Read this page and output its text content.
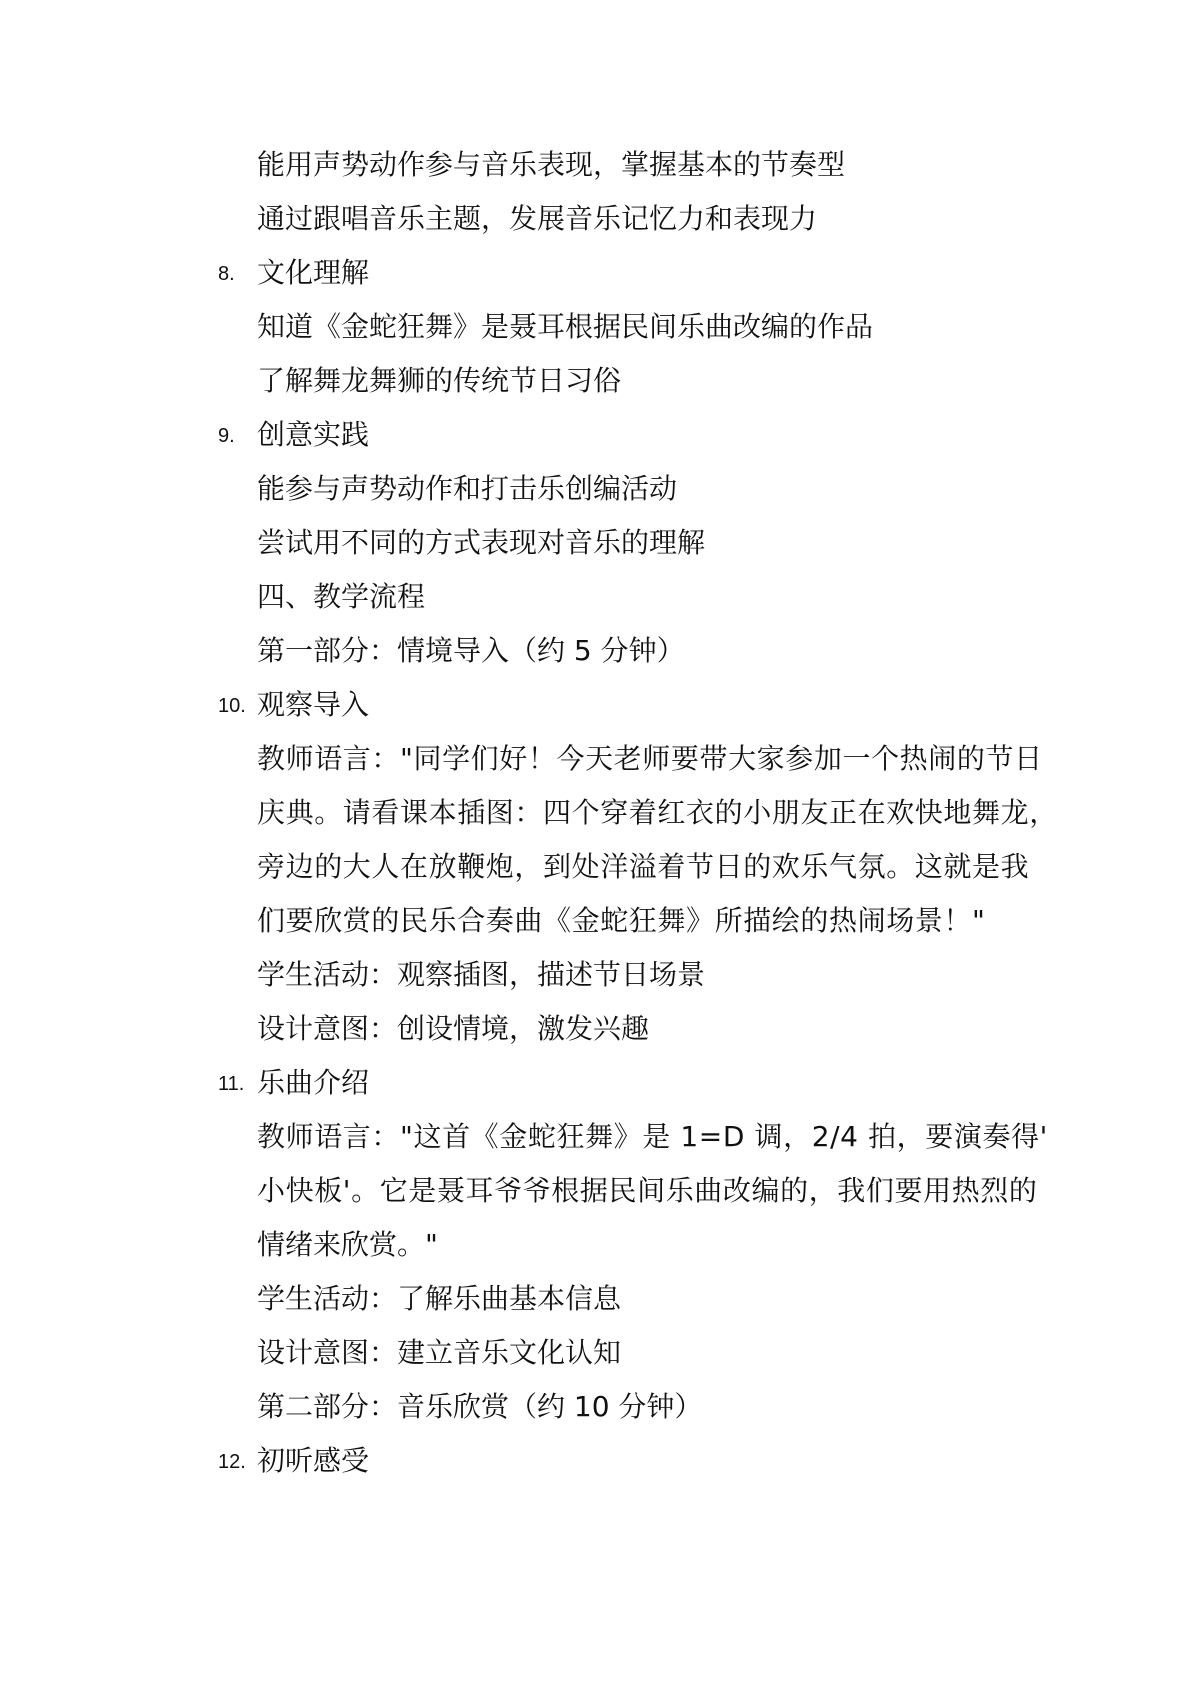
能用声势动作参与音乐表现，掌握基本的节奏型
通过跟唱音乐主题，发展音乐记忆力和表现力
8. 文化理解
知道《金蛇狂舞》是聂耳根据民间乐曲改编的作品
了解舞龙舞狮的传统节日习俗
9. 创意实践
能参与声势动作和打击乐创编活动
尝试用不同的方式表现对音乐的理解
四、教学流程
第一部分：情境导入（约 5 分钟）
10. 观察导入
教师语言："同学们好！今天老师要带大家参加一个热闹的节日
庆典。请看课本插图：四个穿着红衣的小朋友正在欢快地舞龙，
旁边的大人在放鞭炮，到处洋溢着节日的欢乐气氛。这就是我
们要欣赏的民乐合奏曲《金蛇狂舞》所描绘的热闹场景！"
学生活动：观察插图，描述节日场景
设计意图：创设情境，激发兴趣
11. 乐曲介绍
教师语言："这首《金蛇狂舞》是 1=D 调，2/4 拍，要演奏得'
小快板'。它是聂耳爷爷根据民间乐曲改编的，我们要用热烈的
情绪来欣赏。"
学生活动：了解乐曲基本信息
设计意图：建立音乐文化认知
第二部分：音乐欣赏（约 10 分钟）
12. 初听感受
